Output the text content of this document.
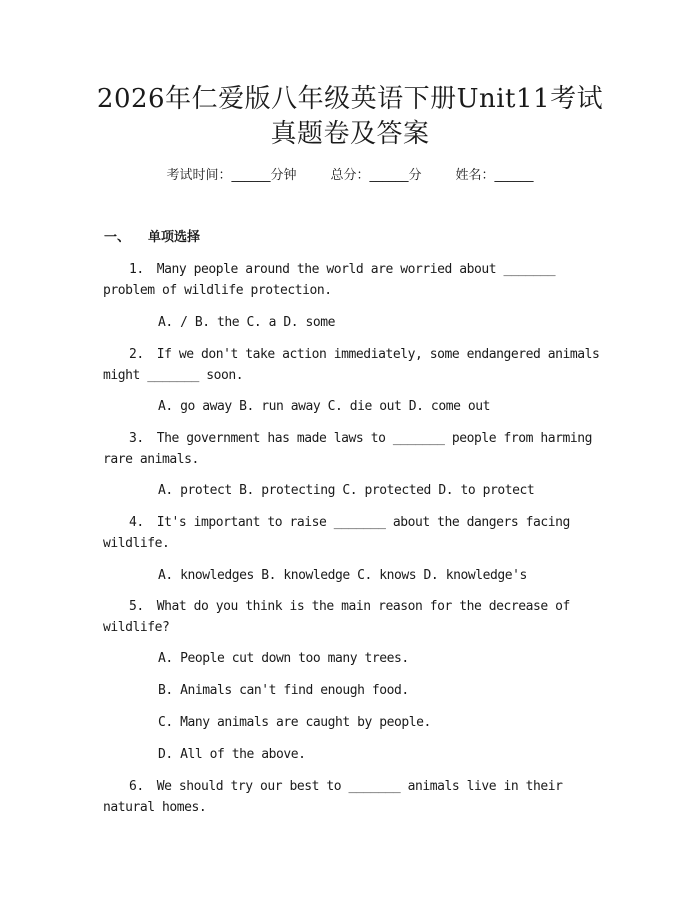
2026年仁爱版八年级英语下册Unit11考试
真题卷及答案
考试时间：______分钟	总分：______分	姓名：______
一、 单项选择
1. Many people around the world are worried about _______ problem of wildlife protection.
A. / B. the C. a D. some
2. If we don't take action immediately, some endangered animals might _______ soon.
A. go away B. run away C. die out D. come out
3. The government has made laws to _______ people from harming rare animals.
A. protect B. protecting C. protected D. to protect
4. It's important to raise _______ about the dangers facing wildlife.
A. knowledges B. knowledge C. knows D. knowledge's
5. What do you think is the main reason for the decrease of wildlife?
A. People cut down too many trees.
B. Animals can't find enough food.
C. Many animals are caught by people.
D. All of the above.
6. We should try our best to _______ animals live in their natural homes.
